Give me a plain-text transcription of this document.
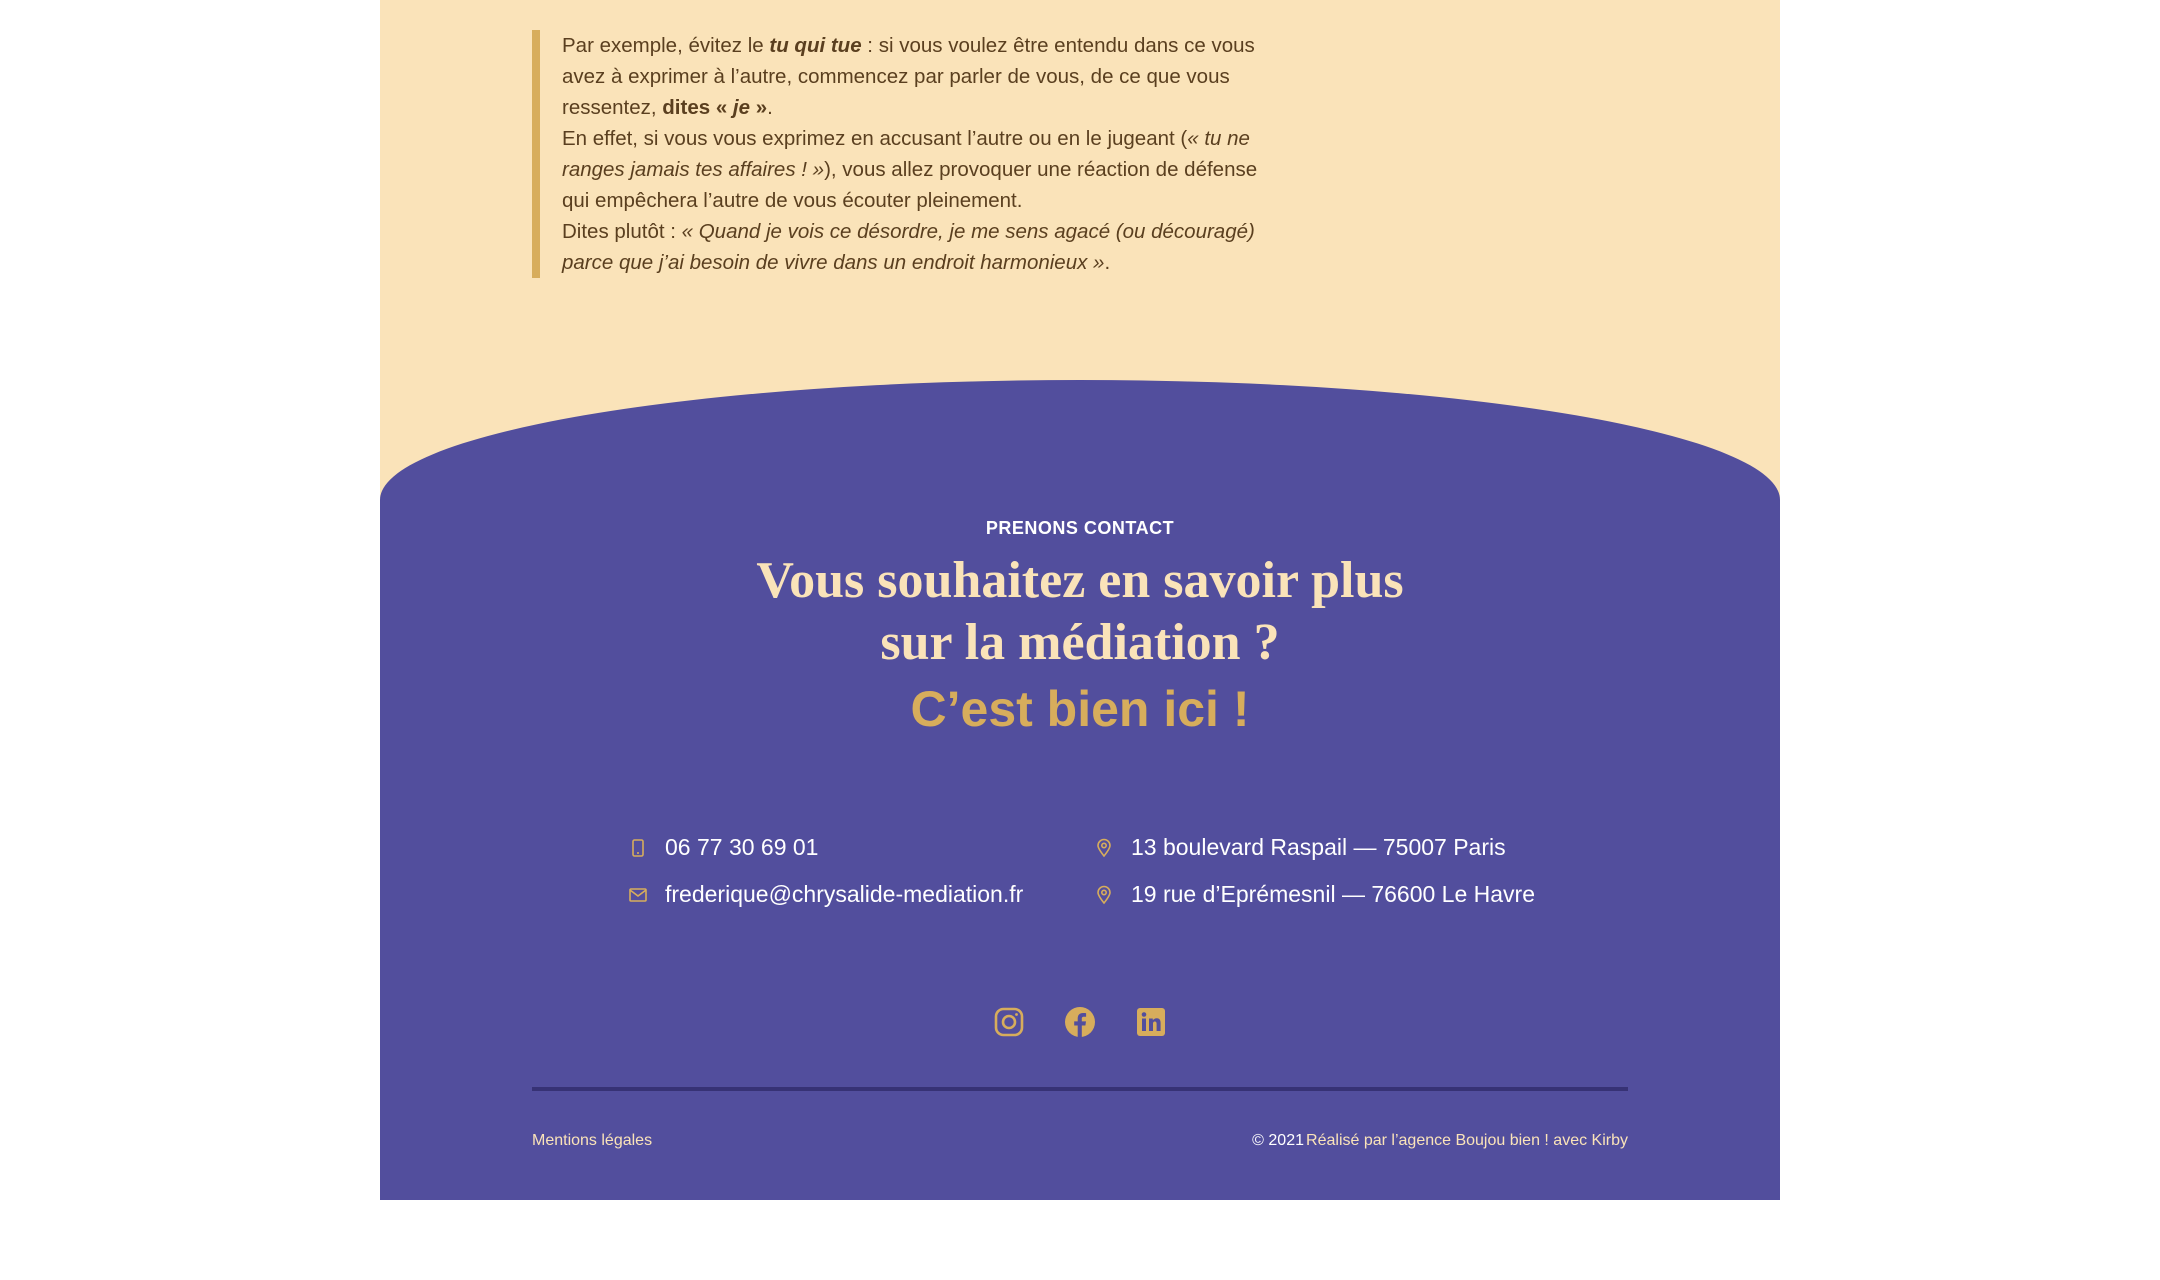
Par exemple, évitez le tu qui tue : si vous voulez être entendu dans ce vous avez à exprimer à l’autre, commencez par parler de vous, de ce que vous ressentez, dites « je ».

En effet, si vous vous exprimez en accusant l’autre ou en le jugeant (« tu ne ranges jamais tes affaires ! »), vous allez provoquer une réaction de défense qui empêchera l’autre de vous écouter pleinement.

Dites plutôt : « Quand je vois ce désordre, je me sens agacé (ou découragé) parce que j’ai besoin de vivre dans un endroit harmonieux ».

PRENONS CONTACT
Vous souhaitez en savoir plus
sur la médiation ?
C’est bien ici !
06 77 30 69 01
frederique@chrysalide-mediation.fr
13 boulevard Raspail — 75007 Paris
19 rue d’Eprémesnil — 76600 Le Havre

Mentions légales	© 2021 Réalisé par l’agence Boujou bien ! avec Kirby
